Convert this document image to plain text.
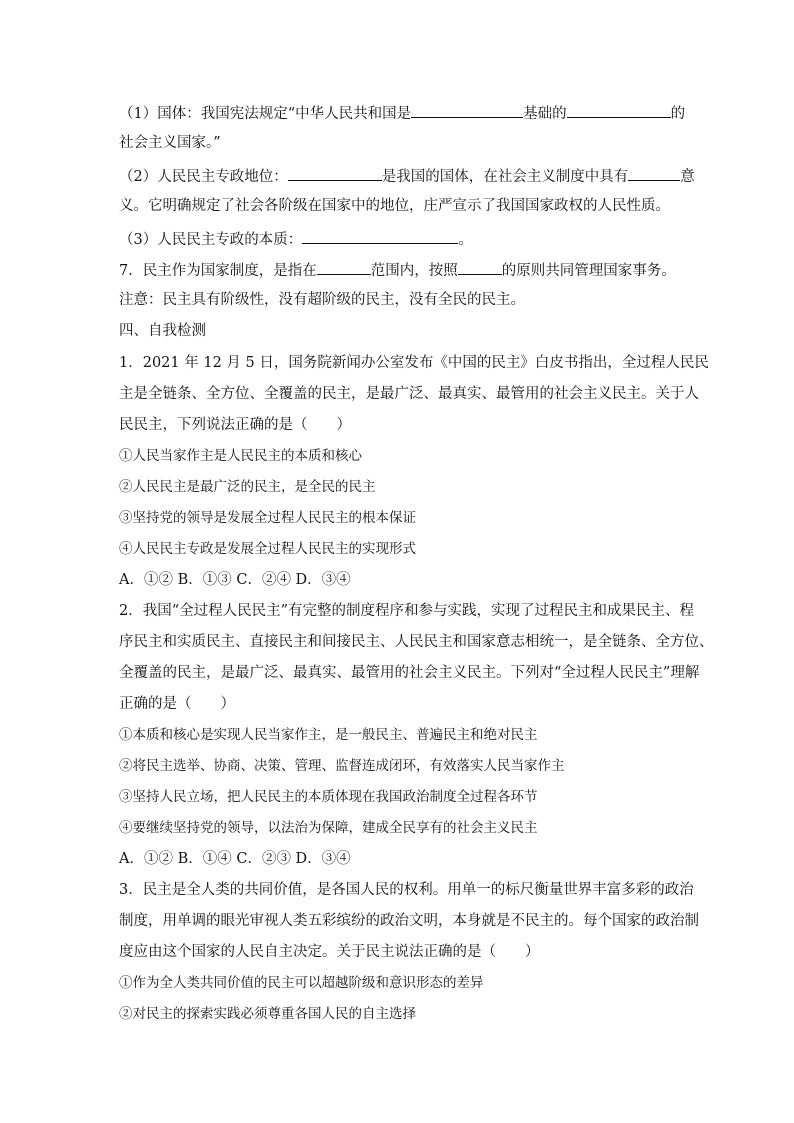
（1）国体：我国宪法规定“中华人民共和国是	基础的	的
社会主义国家。”
（2）人民民主专政地位：	是我国的国体，在社会主义制度中具有	意
义。它明确规定了社会各阶级在国家中的地位，庄严宣示了我国国家政权的人民性质。
（3）人民民主专政的本质：	。
7．民主作为国家制度，是指在	范围内，按照	的原则共同管理国家事务。
注意：民主具有阶级性，没有超阶级的民主，没有全民的民主。
四、自我检测
1．2021 年 12 月 5 日，国务院新闻办公室发布《中国的民主》白皮书指出，全过程人民民
主是全链条、全方位、全覆盖的民主，是最广泛、最真实、最管用的社会主义民主。关于人
民民主，下列说法正确的是（　　）
①人民当家作主是人民民主的本质和核心
②人民民主是最广泛的民主，是全民的民主
③坚持党的领导是发展全过程人民民主的根本保证
④人民民主专政是发展全过程人民民主的实现形式
A．①② B．①③ C．②④ D．③④
2．我国“全过程人民民主”有完整的制度程序和参与实践，实现了过程民主和成果民主、程
序民主和实质民主、直接民主和间接民主、人民民主和国家意志相统一，是全链条、全方位、
全覆盖的民主，是最广泛、最真实、最管用的社会主义民主。下列对“全过程人民民主”理解
正确的是（　　）
①本质和核心是实现人民当家作主，是一般民主、普遍民主和绝对民主
②将民主选举、协商、决策、管理、监督连成闭环，有效落实人民当家作主
③坚持人民立场，把人民民主的本质体现在我国政治制度全过程各环节
④要继续坚持党的领导，以法治为保障，建成全民享有的社会主义民主
A．①② B．①④ C．②③ D．③④
3．民主是全人类的共同价值，是各国人民的权利。用单一的标尺衡量世界丰富多彩的政治
制度，用单调的眼光审视人类五彩缤纷的政治文明，本身就是不民主的。每个国家的政治制
度应由这个国家的人民自主决定。关于民主说法正确的是（　　）
①作为全人类共同价值的民主可以超越阶级和意识形态的差异
②对民主的探索实践必须尊重各国人民的自主选择
